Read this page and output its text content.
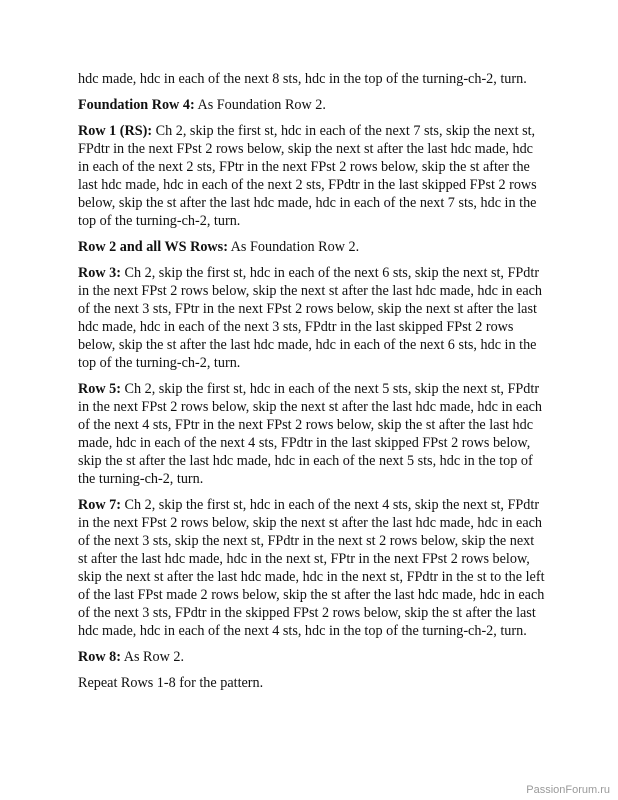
hdc made, hdc in each of the next 8 sts, hdc in the top of the turning-ch-2, turn.

Foundation Row 4: As Foundation Row 2.

Row 1 (RS): Ch 2, skip the first st, hdc in each of the next 7 sts, skip the next st, FPdtr in the next FPst 2 rows below, skip the next st after the last hdc made, hdc in each of the next 2 sts, FPtr in the next FPst 2 rows below, skip the st after the last hdc made, hdc in each of the next 2 sts, FPdtr in the last skipped FPst 2 rows below, skip the st after the last hdc made, hdc in each of the next 7 sts, hdc in the top of the turning-ch-2, turn.

Row 2 and all WS Rows: As Foundation Row 2.

Row 3: Ch 2, skip the first st, hdc in each of the next 6 sts, skip the next st, FPdtr in the next FPst 2 rows below, skip the next st after the last hdc made, hdc in each of the next 3 sts, FPtr in the next FPst 2 rows below, skip the next st after the last hdc made, hdc in each of the next 3 sts, FPdtr in the last skipped FPst 2 rows below, skip the st after the last hdc made, hdc in each of the next 6 sts, hdc in the top of the turning-ch-2, turn.

Row 5: Ch 2, skip the first st, hdc in each of the next 5 sts, skip the next st, FPdtr in the next FPst 2 rows below, skip the next st after the last hdc made, hdc in each of the next 4 sts, FPtr in the next FPst 2 rows below, skip the st after the last hdc made, hdc in each of the next 4 sts, FPdtr in the last skipped FPst 2 rows below, skip the st after the last hdc made, hdc in each of the next 5 sts, hdc in the top of the turning-ch-2, turn.

Row 7: Ch 2, skip the first st, hdc in each of the next 4 sts, skip the next st, FPdtr in the next FPst 2 rows below, skip the next st after the last hdc made, hdc in each of the next 3 sts, skip the next st, FPdtr in the next st 2 rows below, skip the next st after the last hdc made, hdc in the next st, FPtr in the next FPst 2 rows below, skip the next st after the last hdc made, hdc in the next st, FPdtr in the st to the left of the last FPst made 2 rows below, skip the st after the last hdc made, hdc in each of the next 3 sts, FPdtr in the skipped FPst 2 rows below, skip the st after the last hdc made, hdc in each of the next 4 sts, hdc in the top of the turning-ch-2, turn.

Row 8: As Row 2.

Repeat Rows 1-8 for the pattern.

PassionForum.ru
